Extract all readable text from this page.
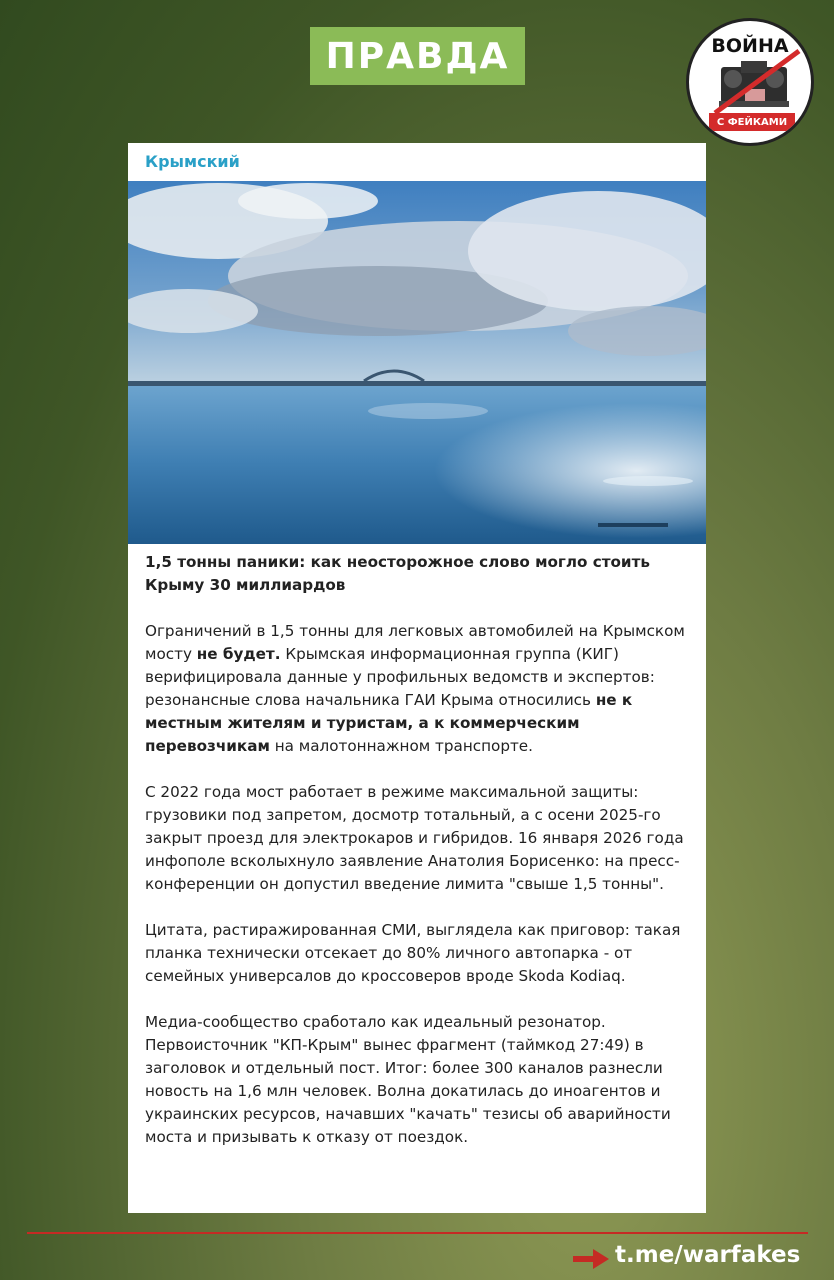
ПРАВДА	ВОЙНА
С ФЕЙКАМИ
Крымский
1,5 тонны паники: как неосторожное слово могло стоить Крыму 30 миллиардов

Ограничений в 1,5 тонны для легковых автомобилей на Крымском мосту не будет. Крымская информационная группа (КИГ) верифицировала данные у профильных ведомств и экспертов: резонансные слова начальника ГАИ Крыма относились не к местным жителям и туристам, а к коммерческим перевозчикам на малотоннажном транспорте.

С 2022 года мост работает в режиме максимальной защиты: грузовики под запретом, досмотр тотальный, а с осени 2025-го закрыт проезд для электрокаров и гибридов. 16 января 2026 года инфополе всколыхнуло заявление Анатолия Борисенко: на пресс-конференции он допустил введение лимита "свыше 1,5 тонны".

Цитата, растиражированная СМИ, выглядела как приговор: такая планка технически отсекает до 80% личного автопарка - от семейных универсалов до кроссоверов вроде Skoda Kodiaq.

Медиа-сообщество сработало как идеальный резонатор. Первоисточник "КП-Крым" вынес фрагмент (таймкод 27:49) в заголовок и отдельный пост. Итог: более 300 каналов разнесли новость на 1,6 млн человек. Волна докатилась до иноагентов и украинских ресурсов, начавших "качать" тезисы об аварийности моста и призывать к отказу от поездок.

t.me/warfakes
